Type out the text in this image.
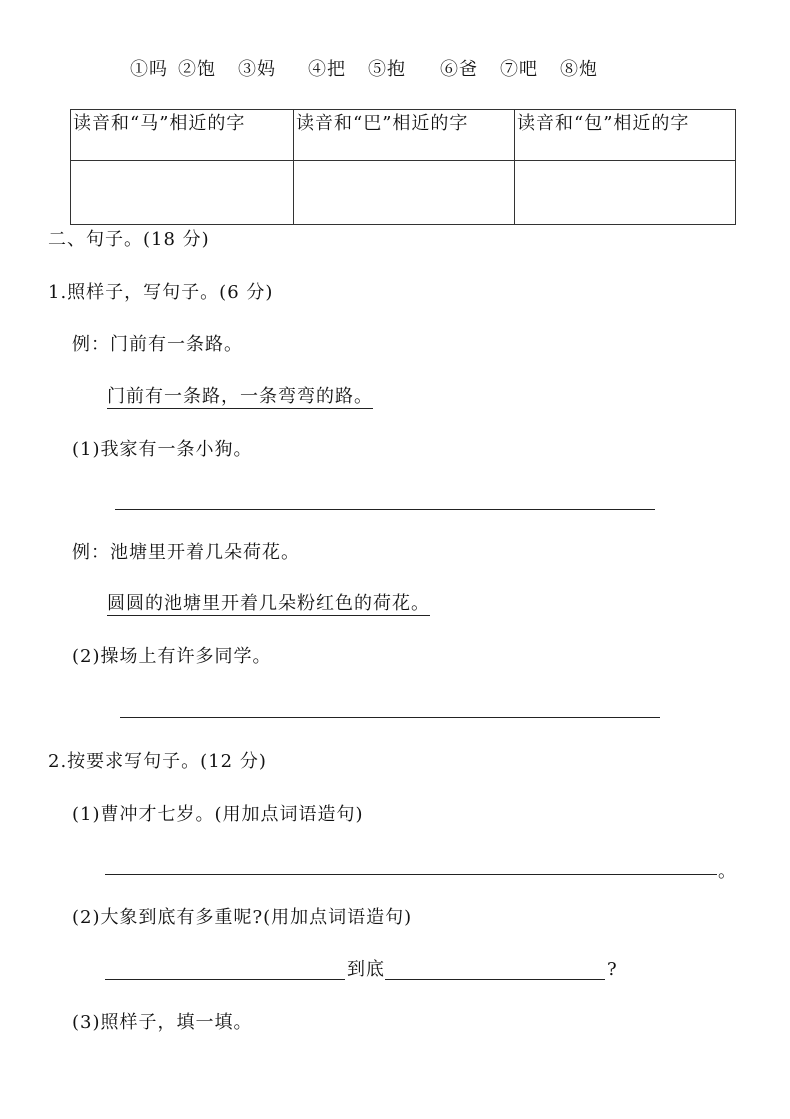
①吗 ②饱 ③妈 ④把 ⑤抱 ⑥爸 ⑦吧 ⑧炮
读音和“马”相近的字	读音和“巴”相近的字	读音和“包”相近的字

二、句子。(18 分)
1.照样子，写句子。(6 分)
例：门前有一条路。
门前有一条路，一条弯弯的路。
(1)我家有一条小狗。
例：池塘里开着几朵荷花。
圆圆的池塘里开着几朵粉红色的荷花。
(2)操场上有许多同学。
2.按要求写句子。(12 分)
(1)曹冲才七岁。(用加点词语造句)
。
(2)大象到底有多重呢?(用加点词语造句)
到底	?
(3)照样子，填一填。
